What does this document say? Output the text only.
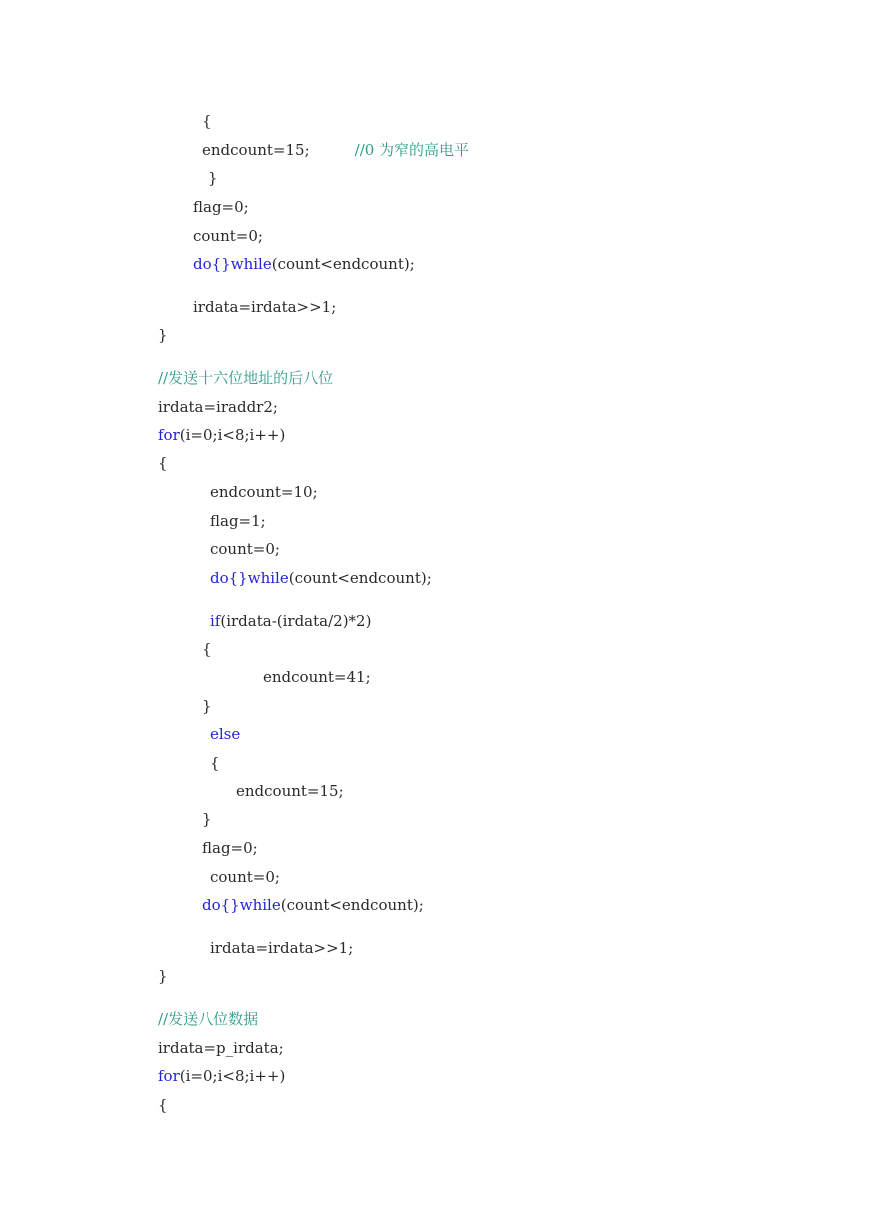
{
endcount=15;	//0 为窄的高电平
}
flag=0;
count=0;
do{}while(count<endcount);
irdata=irdata>>1;
}
//发送十六位地址的后八位
irdata=iraddr2;
for(i=0;i<8;i++)
{
endcount=10;
flag=1;
count=0;
do{}while(count<endcount);
if(irdata-(irdata/2)*2)
{
endcount=41;
}
else
{
endcount=15;
}
flag=0;
count=0;
do{}while(count<endcount);
irdata=irdata>>1;
}
//发送八位数据
irdata=p_irdata;
for(i=0;i<8;i++)
{
